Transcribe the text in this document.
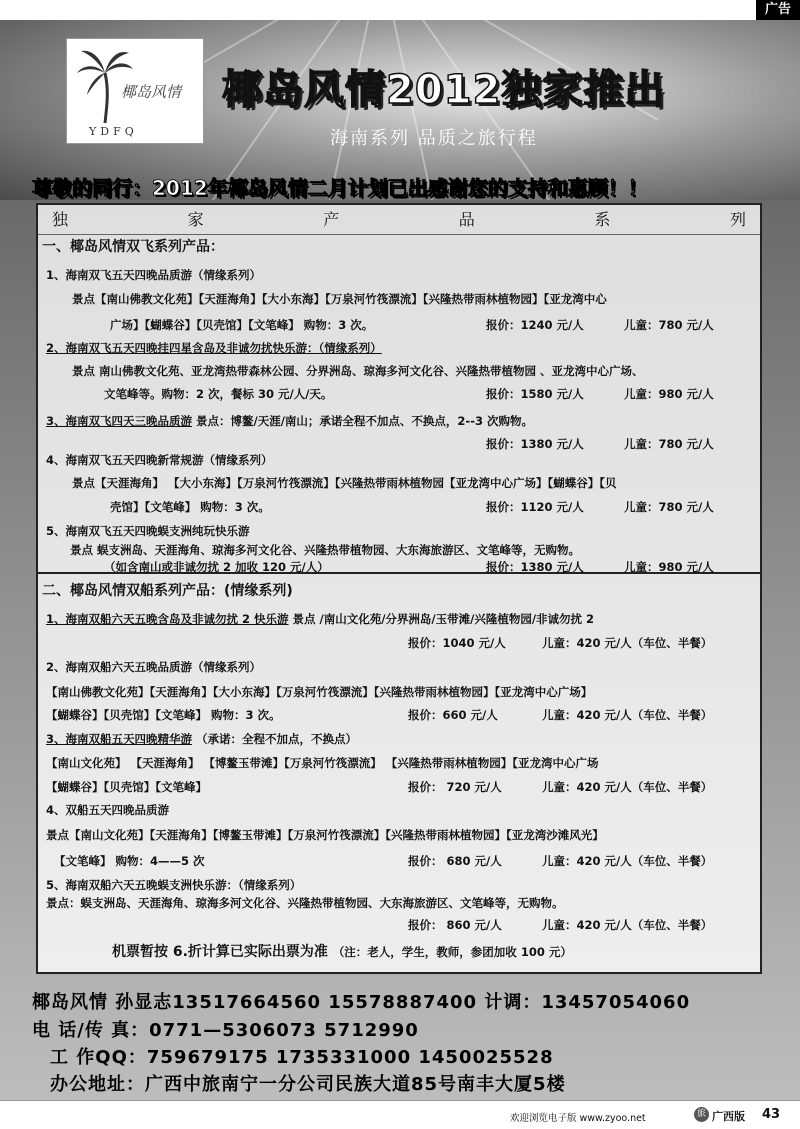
广告
椰岛风情
YDFQ
椰岛风情2012独家推出
海南系列 品质之旅行程
尊敬的同行：2012年椰岛风情二月计划已出感谢您的支持和惠顾！！
独	家	产	品	系	列
一、椰岛风情双飞系列产品：
1、海南双飞五天四晚品质游（情缘系列）
景点【南山佛教文化苑】【天涯海角】【大小东海】【万泉河竹筏漂流】【兴隆热带雨林植物园】【亚龙湾中心
广场】【蝴蝶谷】【贝壳馆】【文笔峰】 购物：3 次。	报价：1240 元/人	儿童：780 元/人
2、海南双飞五天四晚挂四星含岛及非诚勿扰快乐游：（情缘系列）
景点 南山佛教文化苑、亚龙湾热带森林公园、分界洲岛、琼海多河文化谷、兴隆热带植物园 、亚龙湾中心广场、
文笔峰等。购物：2 次，餐标 30 元/人/天。	报价：1580 元/人	儿童：980 元/人
3、海南双飞四天三晚品质游 景点：博鳌/天涯/南山；承诺全程不加点、不换点，2--3 次购物。
报价：1380 元/人	儿童：780 元/人
4、海南双飞五天四晚新常规游（情缘系列）
景点【天涯海角】 【大小东海】【万泉河竹筏漂流】【兴隆热带雨林植物园【亚龙湾中心广场】【蝴蝶谷】【贝
壳馆】【文笔峰】 购物：3 次。	报价：1120 元/人	儿童：780 元/人
5、海南双飞五天四晚蜈支洲纯玩快乐游
景点 蜈支洲岛、天涯海角、琼海多河文化谷、兴隆热带植物园、大东海旅游区、文笔峰等，无购物。
（如含南山或非诚勿扰 2 加收 120 元/人）	报价：1380 元/人	儿童：980 元/人
二、椰岛风情双船系列产品：(情缘系列)
1、海南双船六天五晚含岛及非诚勿扰 2 快乐游 景点 /南山文化苑/分界洲岛/玉带滩/兴隆植物园/非诚勿扰 2
报价：1040 元/人	儿童：420 元/人（车位、半餐）
2、海南双船六天五晚品质游（情缘系列）
【南山佛教文化苑】【天涯海角】【大小东海】【万泉河竹筏漂流】【兴隆热带雨林植物园】【亚龙湾中心广场】
【蝴蝶谷】【贝壳馆】【文笔峰】 购物：3 次。	报价：660 元/人	儿童：420 元/人（车位、半餐）
3、海南双船五天四晚精华游 （承诺：全程不加点，不换点）
【南山文化苑】 【天涯海角】 【博鳌玉带滩】【万泉河竹筏漂流】 【兴隆热带雨林植物园】【亚龙湾中心广场
【蝴蝶谷】【贝壳馆】【文笔峰】	报价： 720 元/人	儿童：420 元/人（车位、半餐）
4、双船五天四晚品质游
景点【南山文化苑】【天涯海角】【博鳌玉带滩】【万泉河竹筏漂流】【兴隆热带雨林植物园】【亚龙湾沙滩风光】
【文笔峰】 购物：4——5 次	报价： 680 元/人	儿童：420 元/人（车位、半餐）
5、海南双船六天五晚蜈支洲快乐游：（情缘系列）
景点：蜈支洲岛、天涯海角、琼海多河文化谷、兴隆热带植物园、大东海旅游区、文笔峰等，无购物。
报价： 860 元/人	儿童：420 元/人（车位、半餐）
机票暂按 6.折计算已实际出票为准 （注：老人，学生，教师，参团加收 100 元）
椰岛风情 孙显志13517664560 15578887400 计调：13457054060
电 话/传 真：0771—5306073 5712990
工 作QQ：759679175 1735331000 1450025528
办公地址：广西中旅南宁一分公司民族大道85号南丰大厦5楼
欢迎浏览电子版 www.zyoo.net	旅 广西版 43
